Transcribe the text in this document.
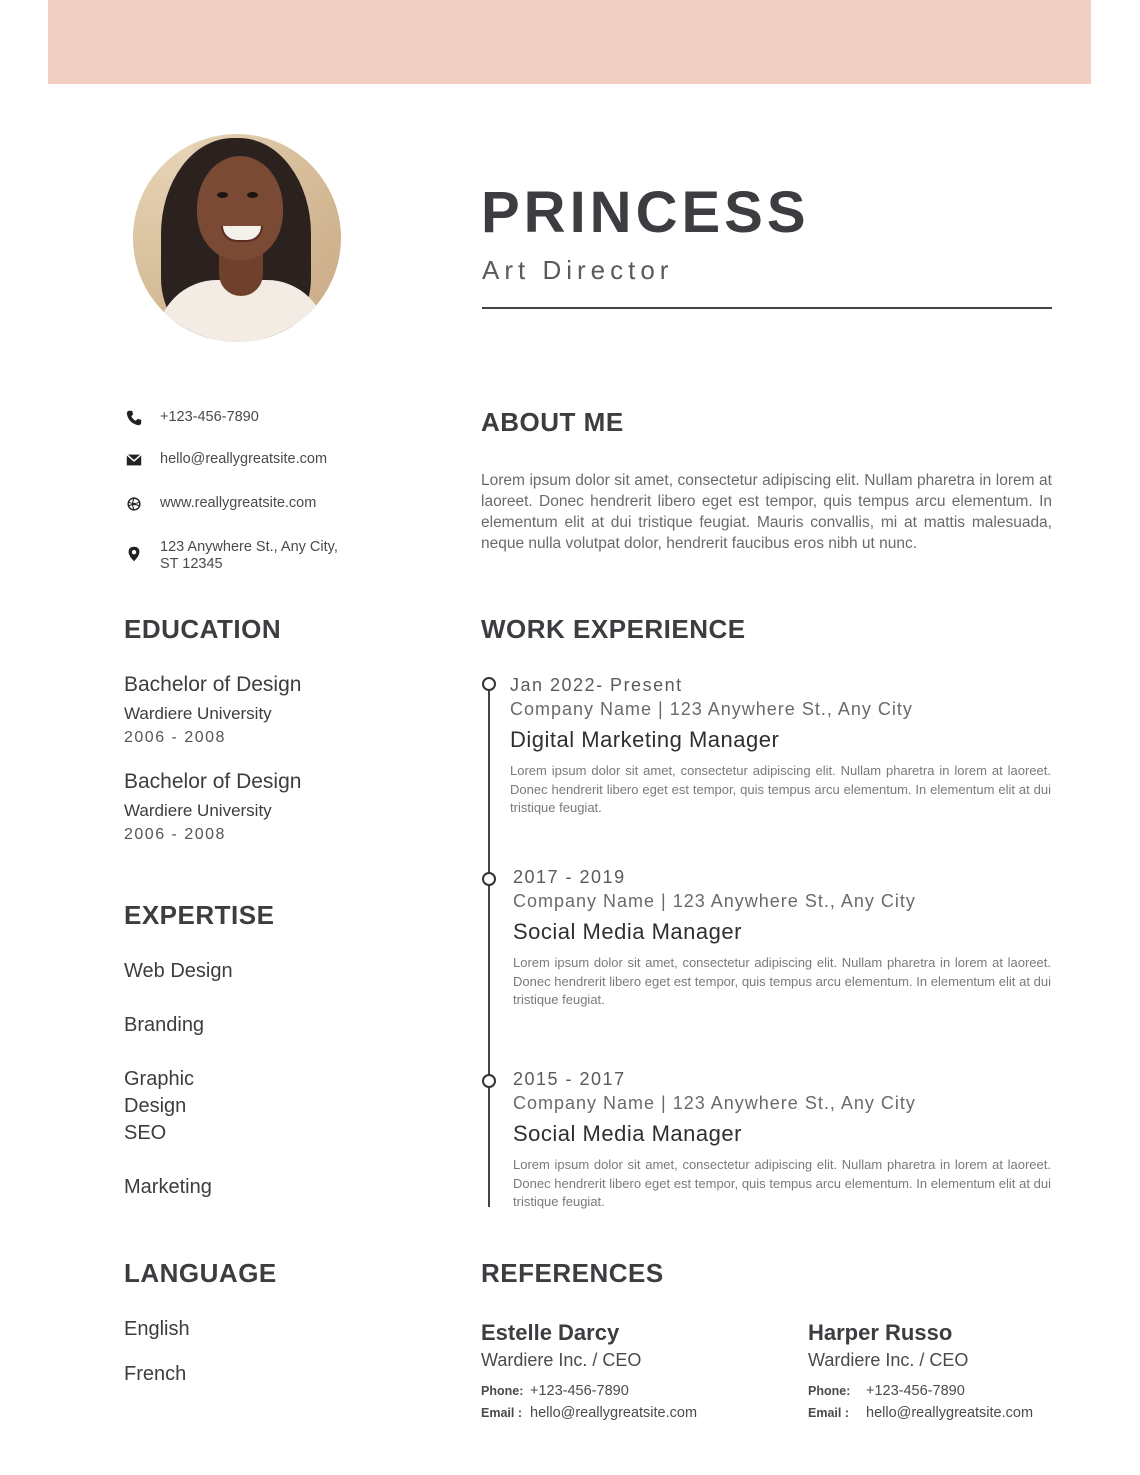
PRINCESS
Art Director
+123-456-7890
hello@reallygreatsite.com
www.reallygreatsite.com
123 Anywhere St., Any City,
ST 12345
EDUCATION
Bachelor of Design
Wardiere University
2006 - 2008
Bachelor of Design
Wardiere University
2006 - 2008
EXPERTISE
Web Design
Branding
Graphic
Design
SEO
Marketing
LANGUAGE
English
French
ABOUT ME
Lorem ipsum dolor sit amet, consectetur adipiscing elit. Nullam pharetra in lorem at laoreet. Donec hendrerit libero eget est tempor, quis tempus arcu elementum. In elementum elit at dui tristique feugiat. Mauris convallis, mi at mattis malesuada, neque nulla volutpat dolor, hendrerit faucibus eros nibh ut nunc.
WORK EXPERIENCE
Jan 2022- Present
Company Name | 123 Anywhere St., Any City
Digital Marketing Manager
Lorem ipsum dolor sit amet, consectetur adipiscing elit. Nullam pharetra in lorem at laoreet. Donec hendrerit libero eget est tempor, quis tempus arcu elementum. In elementum elit at dui tristique feugiat.
2017 - 2019
Company Name | 123 Anywhere St., Any City
Social Media Manager
Lorem ipsum dolor sit amet, consectetur adipiscing elit. Nullam pharetra in lorem at laoreet. Donec hendrerit libero eget est tempor, quis tempus arcu elementum. In elementum elit at dui tristique feugiat.
2015 - 2017
Company Name | 123 Anywhere St., Any City
Social Media Manager
Lorem ipsum dolor sit amet, consectetur adipiscing elit. Nullam pharetra in lorem at laoreet. Donec hendrerit libero eget est tempor, quis tempus arcu elementum. In elementum elit at dui tristique feugiat.
REFERENCES
Estelle Darcy
Wardiere Inc. / CEO
Phone: +123-456-7890
Email : hello@reallygreatsite.com
Harper Russo
Wardiere Inc. / CEO
Phone: +123-456-7890
Email : hello@reallygreatsite.com
